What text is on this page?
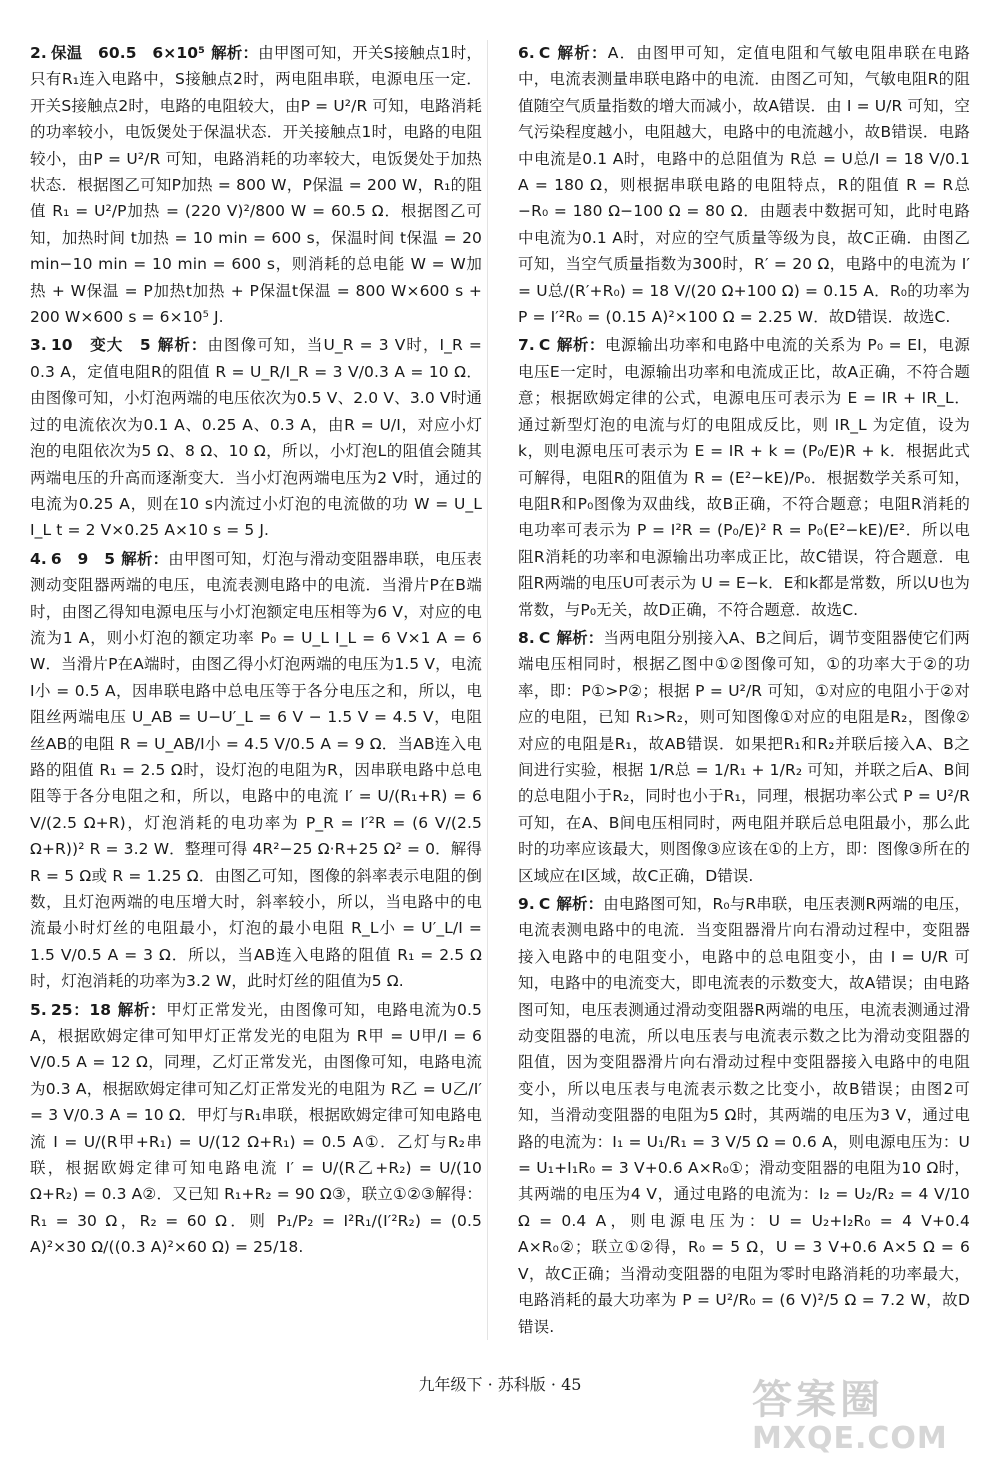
2. 保温　60.5　6×10⁵ 解析：由甲图可知，开关S接触点1时，只有R₁连入电路中，S接触点2时，两电阻串联，电源电压一定．开关S接触点2时，电路的电阻较大，由P = U²/R 可知，电路消耗的功率较小，电饭煲处于保温状态．开关接触点1时，电路的电阻较小，由P = U²/R 可知，电路消耗的功率较大，电饭煲处于加热状态．根据图乙可知P加热 = 800 W，P保温 = 200 W，R₁的阻值 R₁ = U²/P加热 = (220 V)²/800 W = 60.5 Ω．根据图乙可知，加热时间 t加热 = 10 min = 600 s，保温时间 t保温 = 20 min−10 min = 10 min = 600 s，则消耗的总电能 W = W加热 + W保温 = P加热t加热 + P保温t保温 = 800 W×600 s + 200 W×600 s = 6×10⁵ J.
3. 10　变大　5 解析：由图像可知，当U_R = 3 V时，I_R = 0.3 A，定值电阻R的阻值 R = U_R/I_R = 3 V/0.3 A = 10 Ω．由图像可知，小灯泡两端的电压依次为0.5 V、2.0 V、3.0 V时通过的电流依次为0.1 A、0.25 A、0.3 A，由R = U/I，对应小灯泡的电阻依次为5 Ω、8 Ω、10 Ω，所以，小灯泡L的阻值会随其两端电压的升高而逐渐变大．当小灯泡两端电压为2 V时，通过的电流为0.25 A，则在10 s内流过小灯泡的电流做的功 W = U_L I_L t = 2 V×0.25 A×10 s = 5 J.
4. 6　9　5 解析：由甲图可知，灯泡与滑动变阻器串联，电压表测动变阻器两端的电压，电流表测电路中的电流．当滑片P在B端时，由图乙得知电源电压与小灯泡额定电压相等为6 V，对应的电流为1 A，则小灯泡的额定功率 P₀ = U_L I_L = 6 V×1 A = 6 W．当滑片P在A端时，由图乙得小灯泡两端的电压为1.5 V，电流 I小 = 0.5 A，因串联电路中总电压等于各分电压之和，所以，电阻丝两端电压 U_AB = U−U′_L = 6 V − 1.5 V = 4.5 V，电阻丝AB的电阻 R = U_AB/I小 = 4.5 V/0.5 A = 9 Ω．当AB连入电路的阻值 R₁ = 2.5 Ω时，设灯泡的电阻为R，因串联电路中总电阻等于各分电阻之和，所以，电路中的电流 I′ = U/(R₁+R) = 6 V/(2.5 Ω+R)，灯泡消耗的电功率为 P_R = I′²R = (6 V/(2.5 Ω+R))² R = 3.2 W．整理可得 4R²−25 Ω·R+25 Ω² = 0．解得 R = 5 Ω或 R = 1.25 Ω．由图乙可知，图像的斜率表示电阻的倒数，且灯泡两端的电压增大时，斜率较小，所以，当电路中的电流最小时灯丝的电阻最小，灯泡的最小电阻 R_L小 = U′_L/I = 1.5 V/0.5 A = 3 Ω．所以，当AB连入电路的阻值 R₁ = 2.5 Ω时，灯泡消耗的功率为3.2 W，此时灯丝的阻值为5 Ω.
5. 25：18 解析：甲灯正常发光，由图像可知，电路电流为0.5 A，根据欧姆定律可知甲灯正常发光的电阻为 R甲 = U甲/I = 6 V/0.5 A = 12 Ω，同理，乙灯正常发光，由图像可知，电路电流为0.3 A，根据欧姆定律可知乙灯正常发光的电阻为 R乙 = U乙/I′ = 3 V/0.3 A = 10 Ω．甲灯与R₁串联，根据欧姆定律可知电路电流 I = U/(R甲+R₁) = U/(12 Ω+R₁) = 0.5 A①．乙灯与R₂串联，根据欧姆定律可知电路电流 I′ = U/(R乙+R₂) = U/(10 Ω+R₂) = 0.3 A②．又已知 R₁+R₂ = 90 Ω③，联立①②③解得：R₁ = 30 Ω，R₂ = 60 Ω．则 P₁/P₂ = I²R₁/(I′²R₂) = (0.5 A)²×30 Ω/((0.3 A)²×60 Ω) = 25/18.
6. C 解析：A．由图甲可知，定值电阻和气敏电阻串联在电路中，电流表测量串联电路中的电流．由图乙可知，气敏电阻R的阻值随空气质量指数的增大而减小，故A错误．由 I = U/R 可知，空气污染程度越小，电阻越大，电路中的电流越小，故B错误．电路中电流是0.1 A时，电路中的总阻值为 R总 = U总/I = 18 V/0.1 A = 180 Ω，则根据串联电路的电阻特点，R的阻值 R = R总−R₀ = 180 Ω−100 Ω = 80 Ω．由题表中数据可知，此时电路中电流为0.1 A时，对应的空气质量等级为良，故C正确．由图乙可知，当空气质量指数为300时，R′ = 20 Ω，电路中的电流为 I′ = U总/(R′+R₀) = 18 V/(20 Ω+100 Ω) = 0.15 A．R₀的功率为 P = I′²R₀ = (0.15 A)²×100 Ω = 2.25 W．故D错误．故选C.
7. C 解析：电源输出功率和电路中电流的关系为 P₀ = EI，电源电压E一定时，电源输出功率和电流成正比，故A正确，不符合题意；根据欧姆定律的公式，电源电压可表示为 E = IR + IR_L．通过新型灯泡的电流与灯的电阻成反比，则 IR_L 为定值，设为k，则电源电压可表示为 E = IR + k = (P₀/E)R + k．根据此式可解得，电阻R的阻值为 R = (E²−kE)/P₀．根据数学关系可知，电阻R和P₀图像为双曲线，故B正确，不符合题意；电阻R消耗的电功率可表示为 P = I²R = (P₀/E)² R = P₀(E²−kE)/E²．所以电阻R消耗的功率和电源输出功率成正比，故C错误，符合题意．电阻R两端的电压U可表示为 U = E−k．E和k都是常数，所以U也为常数，与P₀无关，故D正确，不符合题意．故选C.
8. C 解析：当两电阻分别接入A、B之间后，调节变阻器使它们两端电压相同时，根据乙图中①②图像可知，①的功率大于②的功率，即：P①>P②；根据 P = U²/R 可知，①对应的电阻小于②对应的电阻，已知 R₁>R₂，则可知图像①对应的电阻是R₂，图像②对应的电阻是R₁，故AB错误．如果把R₁和R₂并联后接入A、B之间进行实验，根据 1/R总 = 1/R₁ + 1/R₂ 可知，并联之后A、B间的总电阻小于R₂，同时也小于R₁，同理，根据功率公式 P = U²/R 可知，在A、B间电压相同时，两电阻并联后总电阻最小，那么此时的功率应该最大，则图像③应该在①的上方，即：图像③所在的区域应在Ⅰ区域，故C正确，D错误.
9. C 解析：由电路图可知，R₀与R串联，电压表测R两端的电压，电流表测电路中的电流．当变阻器滑片向右滑动过程中，变阻器接入电路中的电阻变小，电路中的总电阻变小，由 I = U/R 可知，电路中的电流变大，即电流表的示数变大，故A错误；由电路图可知，电压表测通过滑动变阻器R两端的电压，电流表测通过滑动变阻器的电流，所以电压表与电流表示数之比为滑动变阻器的阻值，因为变阻器滑片向右滑动过程中变阻器接入电路中的电阻变小，所以电压表与电流表示数之比变小，故B错误；由图2可知，当滑动变阻器的电阻为5 Ω时，其两端的电压为3 V，通过电路的电流为：I₁ = U₁/R₁ = 3 V/5 Ω = 0.6 A，则电源电压为：U = U₁+I₁R₀ = 3 V+0.6 A×R₀①；滑动变阻器的电阻为10 Ω时，其两端的电压为4 V，通过电路的电流为：I₂ = U₂/R₂ = 4 V/10 Ω = 0.4 A，则电源电压为：U = U₂+I₂R₀ = 4 V+0.4 A×R₀②；联立①②得，R₀ = 5 Ω，U = 3 V+0.6 A×5 Ω = 6 V，故C正确；当滑动变阻器的电阻为零时电路消耗的功率最大，电路消耗的最大功率为 P = U²/R₀ = (6 V)²/5 Ω = 7.2 W，故D错误.
九年级下 · 苏科版 · 45	答案圈
MXQE.COM
